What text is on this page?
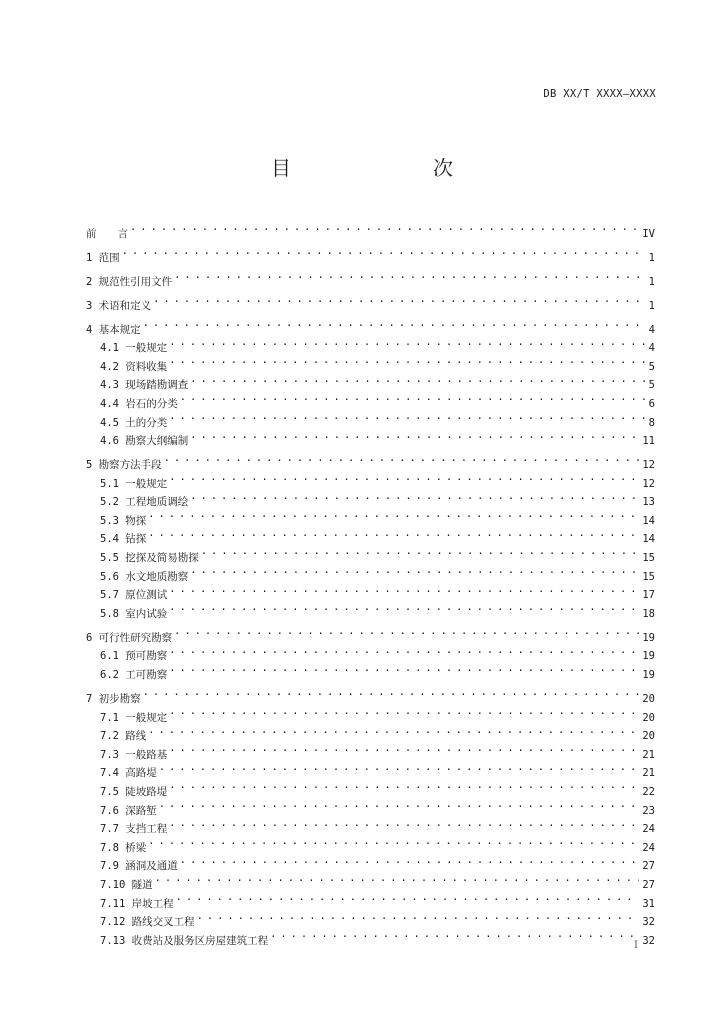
DB XX/T XXXX—XXXX
目　　次
前　　言 . . .	IV
1 范围 . . .	1
2 规范性引用文件 . . .	1
3 术语和定义 . . .	1
4 基本规定 . . .	4
4.1 一般规定 . . .	4
4.2 资料收集 . . .	5
4.3 现场踏勘调查 . . .	5
4.4 岩石的分类 . . .	6
4.5 土的分类 . . .	8
4.6 勘察大纲编制 . . .	11
5 勘察方法手段 . . .	12
5.1 一般规定 . . .	12
5.2 工程地质调绘 . . .	13
5.3 物探 . . .	14
5.4 钻探 . . .	14
5.5 挖探及简易勘探 . . .	15
5.6 水文地质勘察 . . .	15
5.7 原位测试 . . .	17
5.8 室内试验 . . .	18
6 可行性研究勘察 . . .	19
6.1 预可勘察 . . .	19
6.2 工可勘察 . . .	19
7 初步勘察 . . .	20
7.1 一般规定 . . .	20
7.2 路线 . . .	20
7.3 一般路基 . . .	21
7.4 高路堤 . . .	21
7.5 陡坡路堤 . . .	22
7.6 深路堑 . . .	23
7.7 支挡工程 . . .	24
7.8 桥梁 . . .	24
7.9 涵洞及通道 . . .	27
7.10 隧道 . . .	27
7.11 岸坡工程 . . .	31
7.12 路线交叉工程 . . .	32
7.13 收费站及服务区房屋建筑工程 . . .	32
I
